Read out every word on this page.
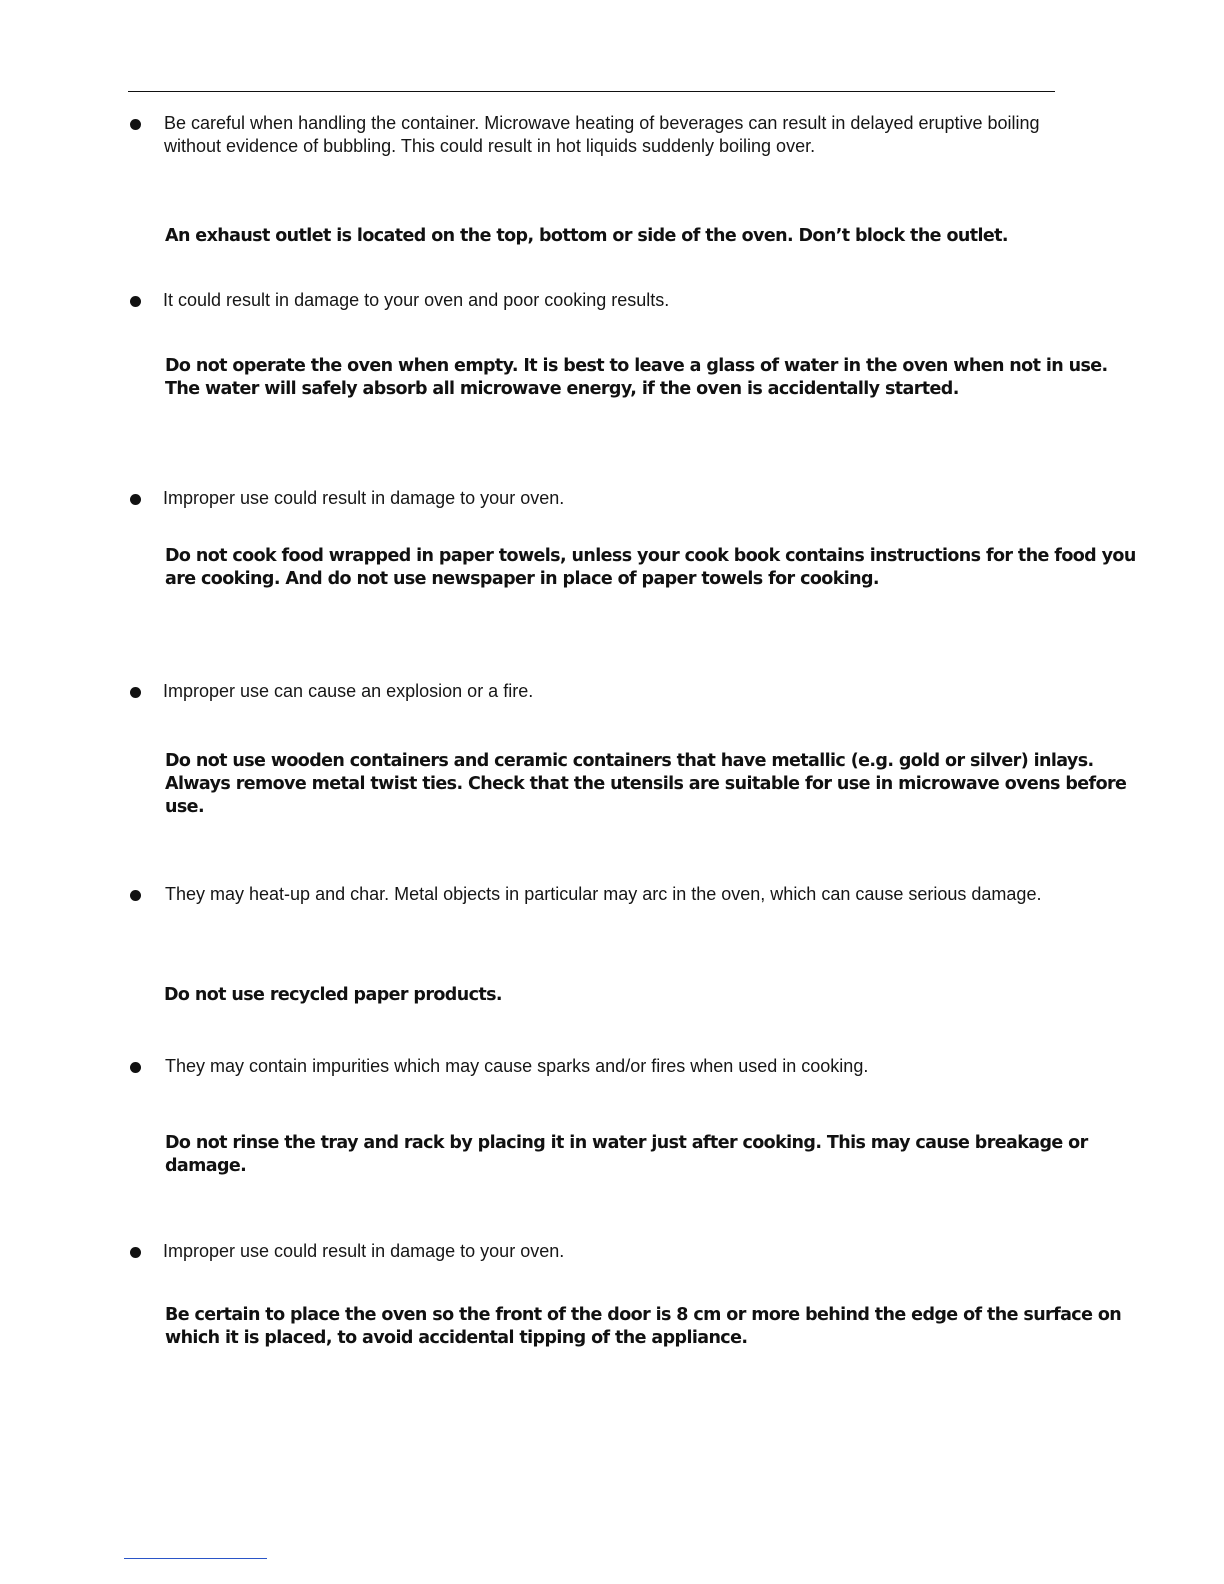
Be careful when handling the container. Microwave heating of beverages can result in delayed eruptive boiling
without evidence of bubbling. This could result in hot liquids suddenly boiling over.
An exhaust outlet is located on the top, bottom or side of the oven. Don’t block the outlet.
It could result in damage to your oven and poor cooking results.
Do not operate the oven when empty. It is best to leave a glass of water in the oven when not in use.
The water will safely absorb all microwave energy, if the oven is accidentally started.
Improper use could result in damage to your oven.
Do not cook food wrapped in paper towels, unless your cook book contains instructions for the food you
are cooking. And do not use newspaper in place of paper towels for cooking.
Improper use can cause an explosion or a fire.
Do not use wooden containers and ceramic containers that have metallic (e.g. gold or silver) inlays.
Always remove metal twist ties. Check that the utensils are suitable for use in microwave ovens before
use.
They may heat-up and char. Metal objects in particular may arc in the oven, which can cause serious damage.
Do not use recycled paper products.
They may contain impurities which may cause sparks and/or fires when used in cooking.
Do not rinse the tray and rack by placing it in water just after cooking. This may cause breakage or
damage.
Improper use could result in damage to your oven.
Be certain to place the oven so the front of the door is 8 cm or more behind the edge of the surface on
which it is placed, to avoid accidental tipping of the appliance.
